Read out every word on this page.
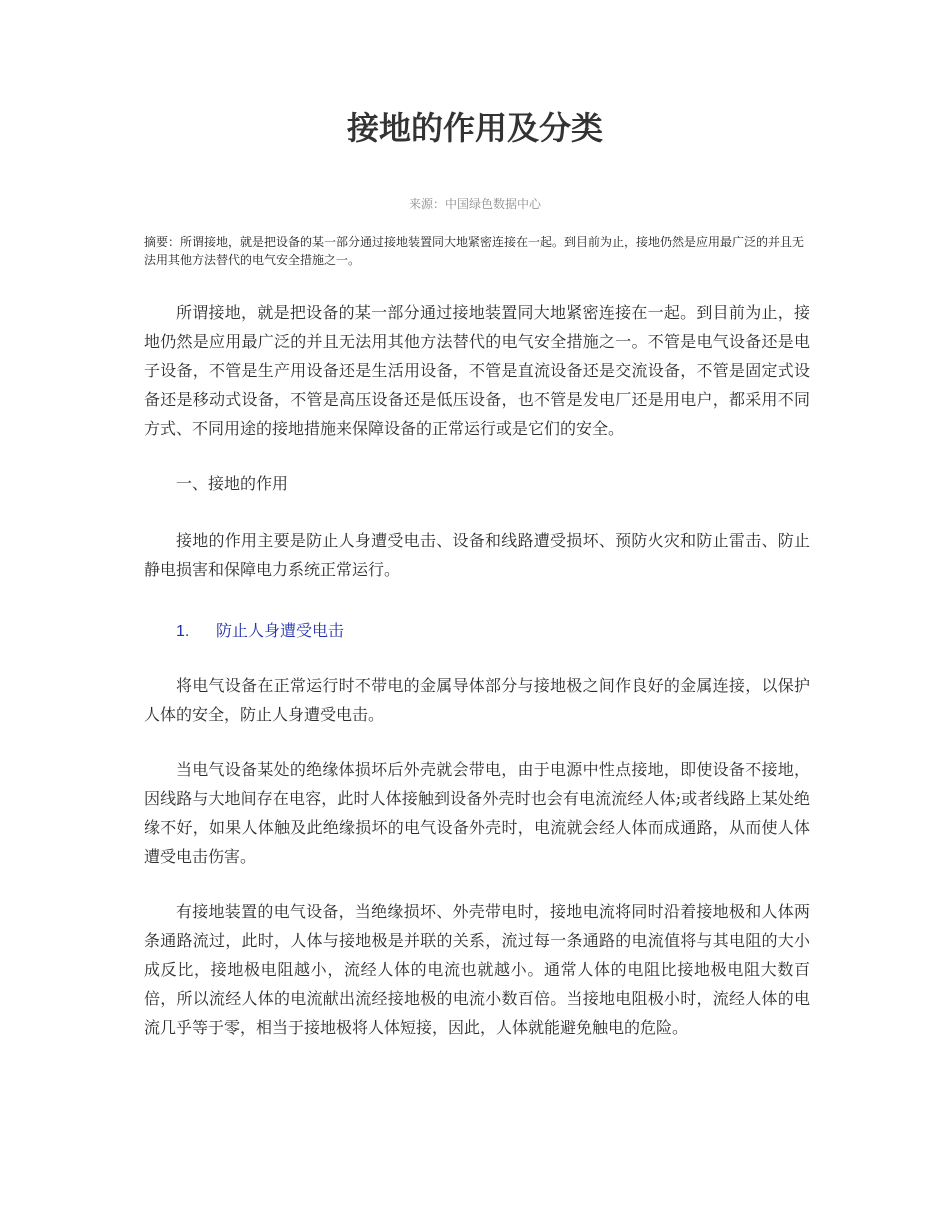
接地的作用及分类
来源：中国绿色数据中心
摘要：所谓接地，就是把设备的某一部分通过接地装置同大地紧密连接在一起。到目前为止，接地仍然是应用最广泛的并且无法用其他方法替代的电气安全措施之一。

所谓接地，就是把设备的某一部分通过接地装置同大地紧密连接在一起。到目前为止，接地仍然是应用最广泛的并且无法用其他方法替代的电气安全措施之一。不管是电气设备还是电子设备，不管是生产用设备还是生活用设备，不管是直流设备还是交流设备，不管是固定式设备还是移动式设备，不管是高压设备还是低压设备，也不管是发电厂还是用电户，都采用不同方式、不同用途的接地措施来保障设备的正常运行或是它们的安全。

一、接地的作用

接地的作用主要是防止人身遭受电击、设备和线路遭受损坏、预防火灾和防止雷击、防止静电损害和保障电力系统正常运行。

1. 防止人身遭受电击

将电气设备在正常运行时不带电的金属导体部分与接地极之间作良好的金属连接，以保护人体的安全，防止人身遭受电击。

当电气设备某处的绝缘体损坏后外壳就会带电，由于电源中性点接地，即使设备不接地，因线路与大地间存在电容，此时人体接触到设备外壳时也会有电流流经人体;或者线路上某处绝缘不好，如果人体触及此绝缘损坏的电气设备外壳时，电流就会经人体而成通路，从而使人体遭受电击伤害。

有接地装置的电气设备，当绝缘损坏、外壳带电时，接地电流将同时沿着接地极和人体两条通路流过，此时，人体与接地极是并联的关系，流过每一条通路的电流值将与其电阻的大小成反比，接地极电阻越小，流经人体的电流也就越小。通常人体的电阻比接地极电阻大数百倍，所以流经人体的电流献出流经接地极的电流小数百倍。当接地电阻极小时，流经人体的电流几乎等于零，相当于接地极将人体短接，因此，人体就能避免触电的危险。
